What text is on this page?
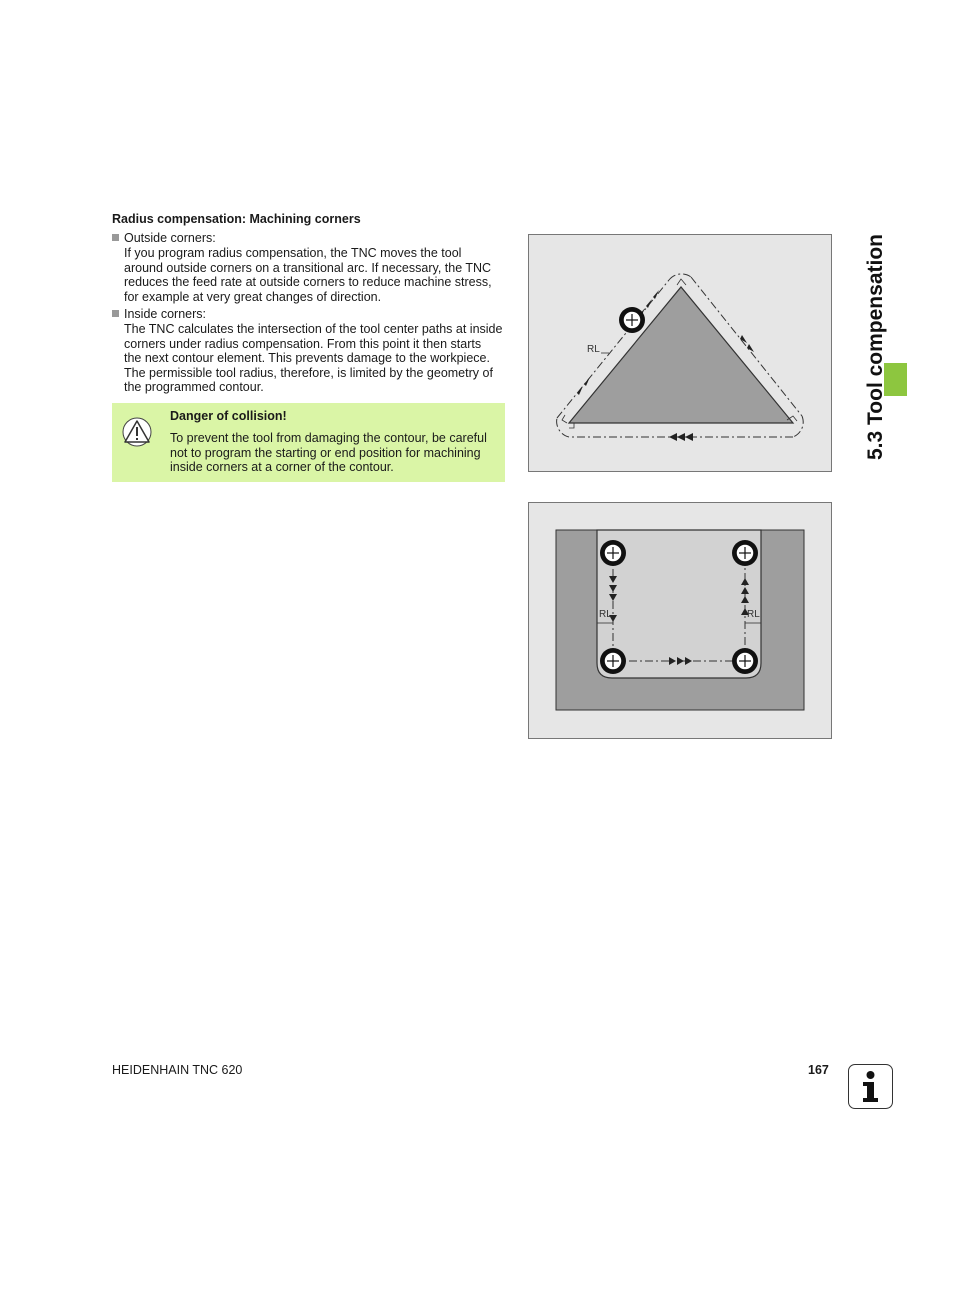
Radius compensation: Machining corners
Outside corners:
If you program radius compensation, the TNC moves the tool
around outside corners on a transitional arc. If necessary, the TNC
reduces the feed rate at outside corners to reduce machine stress,
for example at very great changes of direction.
Inside corners:
The TNC calculates the intersection of the tool center paths at inside
corners under radius compensation. From this point it then starts
the next contour element. This prevents damage to the workpiece.
The permissible tool radius, therefore, is limited by the geometry of
the programmed contour.
Danger of collision!
To prevent the tool from damaging the contour, be careful
not to program the starting or end position for machining
inside corners at a corner of the contour.
RL
RL	RL
5.3 Tool compensation
HEIDENHAIN TNC 620	167
